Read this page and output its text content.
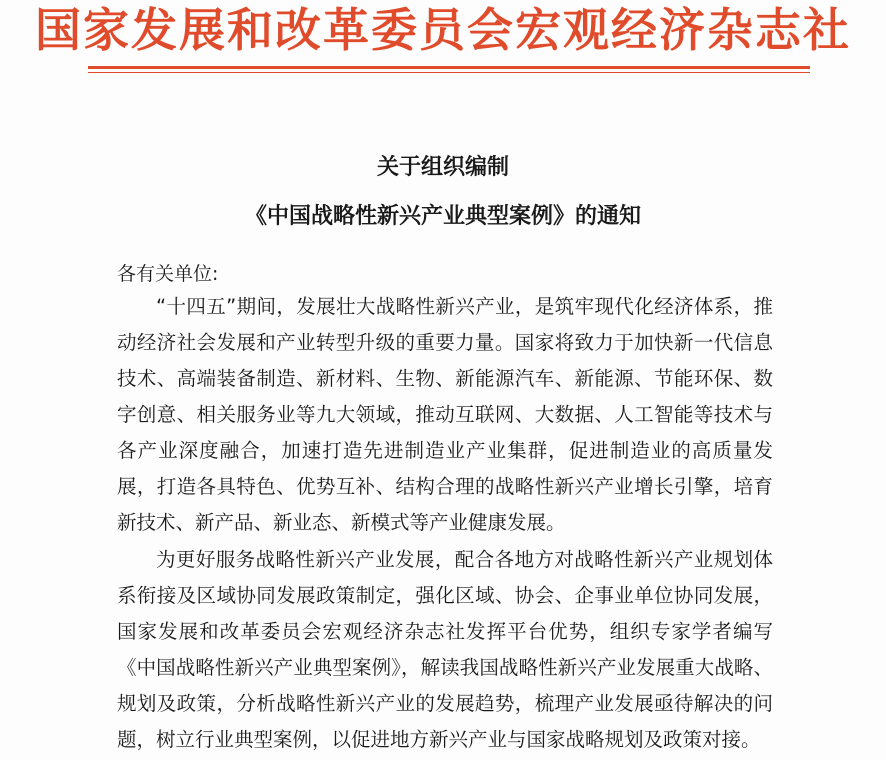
国家发展和改革委员会宏观经济杂志社
关于组织编制
《中国战略性新兴产业典型案例》的通知
各有关单位:

“十四五”期间，发展壮大战略性新兴产业，是筑牢现代化经济体系，推动经济社会发展和产业转型升级的重要力量。国家将致力于加快新一代信息技术、高端装备制造、新材料、生物、新能源汽车、新能源、节能环保、数字创意、相关服务业等九大领域，推动互联网、大数据、人工智能等技术与各产业深度融合，加速打造先进制造业产业集群，促进制造业的高质量发展，打造各具特色、优势互补、结构合理的战略性新兴产业增长引擎，培育新技术、新产品、新业态、新模式等产业健康发展。

为更好服务战略性新兴产业发展，配合各地方对战略性新兴产业规划体系衔接及区域协同发展政策制定，强化区域、协会、企事业单位协同发展，国家发展和改革委员会宏观经济杂志社发挥平台优势，组织专家学者编写《中国战略性新兴产业典型案例》，解读我国战略性新兴产业发展重大战略、规划及政策，分析战略性新兴产业的发展趋势，梳理产业发展亟待解决的问题，树立行业典型案例，以促进地方新兴产业与国家战略规划及政策对接。
